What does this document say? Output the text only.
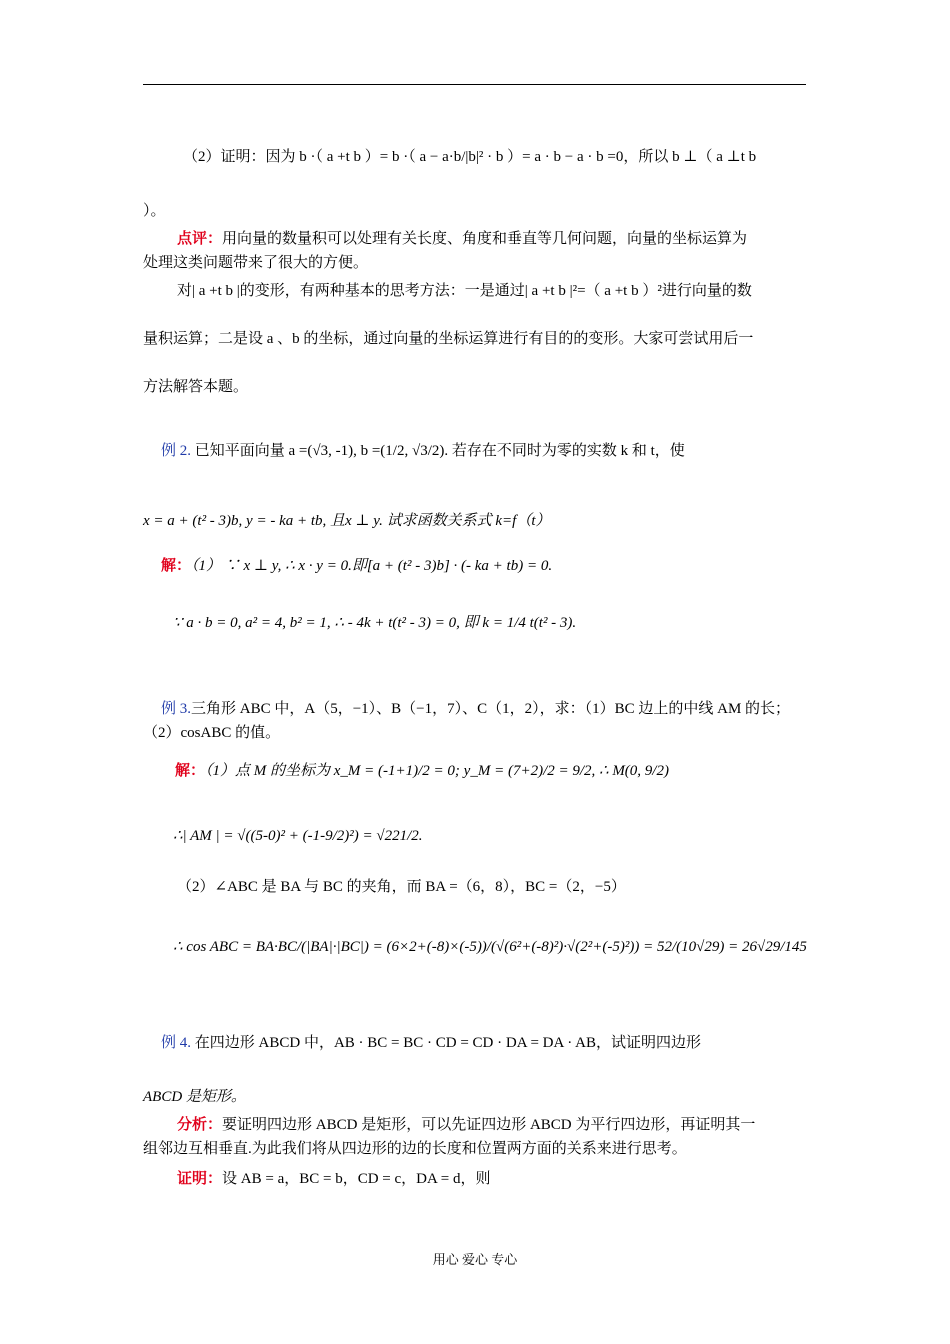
（2）证明：因为 b ·（ a +t b ）= b ·（ a − a·b/|b|² · b ）= a · b − a · b =0，所以 b ⊥（ a ⊥t b
）。
点评：用向量的数量积可以处理有关长度、角度和垂直等几何问题，向量的坐标运算为
处理这类问题带来了很大的方便。
对| a +t b |的变形，有两种基本的思考方法：一是通过| a +t b |²=（ a +t b ）²进行向量的数
量积运算；二是设 a 、b 的坐标，通过向量的坐标运算进行有目的的变形。大家可尝试用后一
方法解答本题。
例 2. 已知平面向量 a =(√3, -1), b =(1/2, √3/2). 若存在不同时为零的实数 k 和 t，使
x = a + (t² - 3)b, y = - ka + tb, 且x ⊥ y. 试求函数关系式 k=f（t）
解：（1） ∵ x ⊥ y, ∴ x · y = 0.即[a + (t² - 3)b] · (- ka + tb) = 0.
∵ a · b = 0, a² = 4, b² = 1, ∴ - 4k + t(t² - 3) = 0, 即 k = 1/4 t(t² - 3).
例 3.三角形 ABC 中，A（5，−1）、B（−1，7）、C（1，2），求：（1）BC 边上的中线 AM 的长；
（2）cosABC 的值。
解：（1）点 M 的坐标为 x_M = (-1+1)/2 = 0; y_M = (7+2)/2 = 9/2, ∴ M(0, 9/2)
∴| AM | = √((5-0)² + (-1-9/2)²) = √221/2.
（2）∠ABC 是 BA 与 BC 的夹角，而 BA =（6，8），BC =（2，−5）
∴ cos ABC = BA·BC/(|BA|·|BC|) = (6×2+(-8)×(-5))/(√(6²+(-8)²)·√(2²+(-5)²)) = 52/(10√29) = 26√29/145
例 4. 在四边形 ABCD 中，AB · BC = BC · CD = CD · DA = DA · AB，试证明四边形
ABCD 是矩形。
分析：要证明四边形 ABCD 是矩形，可以先证四边形 ABCD 为平行四边形，再证明其一
组邻边互相垂直.为此我们将从四边形的边的长度和位置两方面的关系来进行思考。
证明：设 AB = a，BC = b，CD = c，DA = d，则
用心 爱心 专心
